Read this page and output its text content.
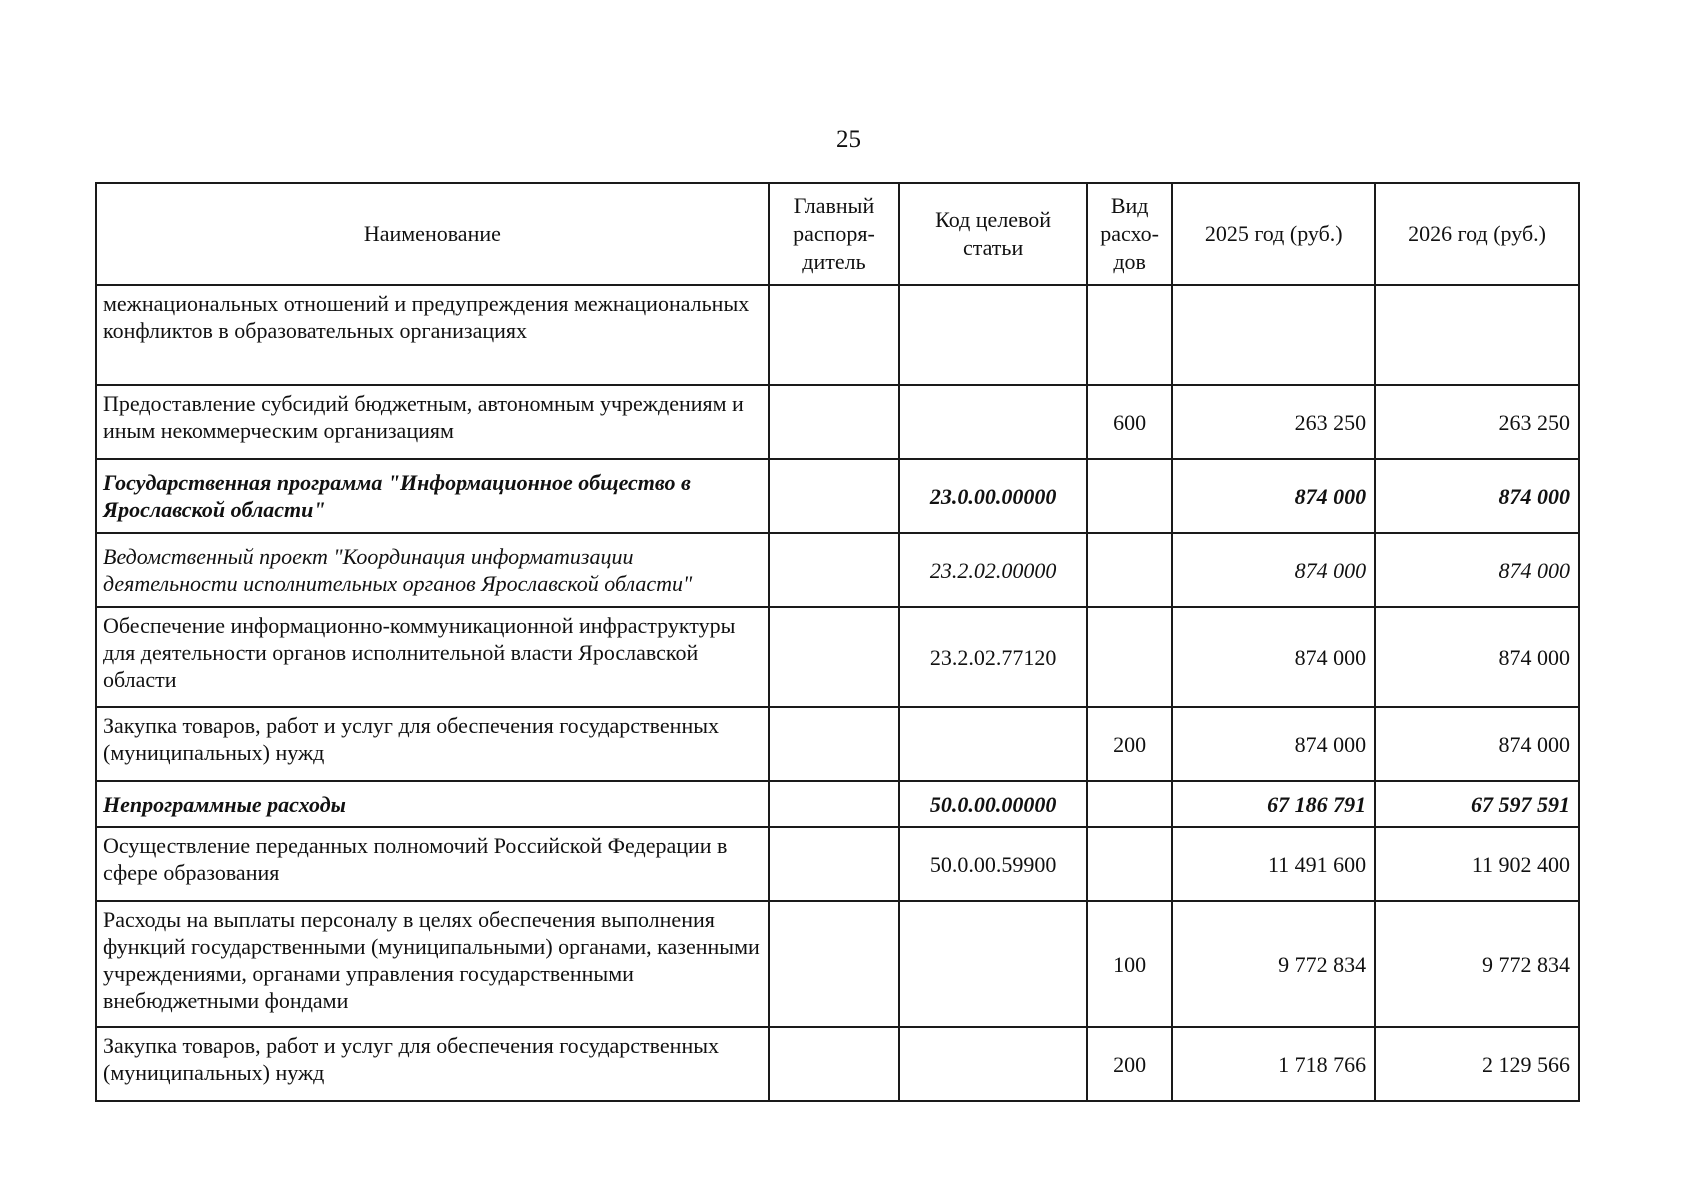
25
Наименование	Главный распоря-дитель	Код целевой статьи	Вид расхо-дов	2025 год (руб.)	2026 год (руб.)
межнациональных отношений и предупреждения межнациональных конфликтов в образовательных организациях					
Предоставление субсидий бюджетным, автономным учреждениям и иным некоммерческим организациям			600	263 250	263 250
Государственная программа "Информационное общество в Ярославской области"		23.0.00.00000		874 000	874 000
Ведомственный проект "Координация информатизации деятельности исполнительных органов Ярославской области"		23.2.02.00000		874 000	874 000
Обеспечение информационно-коммуникационной инфраструктуры для деятельности органов исполнительной власти Ярославской области		23.2.02.77120		874 000	874 000
Закупка товаров, работ и услуг для обеспечения государственных (муниципальных) нужд			200	874 000	874 000
Непрограммные расходы		50.0.00.00000		67 186 791	67 597 591
Осуществление переданных полномочий Российской Федерации в сфере образования		50.0.00.59900		11 491 600	11 902 400
Расходы на выплаты персоналу в целях обеспечения выполнения функций государственными (муниципальными) органами, казенными учреждениями, органами управления государственными внебюджетными фондами			100	9 772 834	9 772 834
Закупка товаров, работ и услуг для обеспечения государственных (муниципальных) нужд			200	1 718 766	2 129 566
